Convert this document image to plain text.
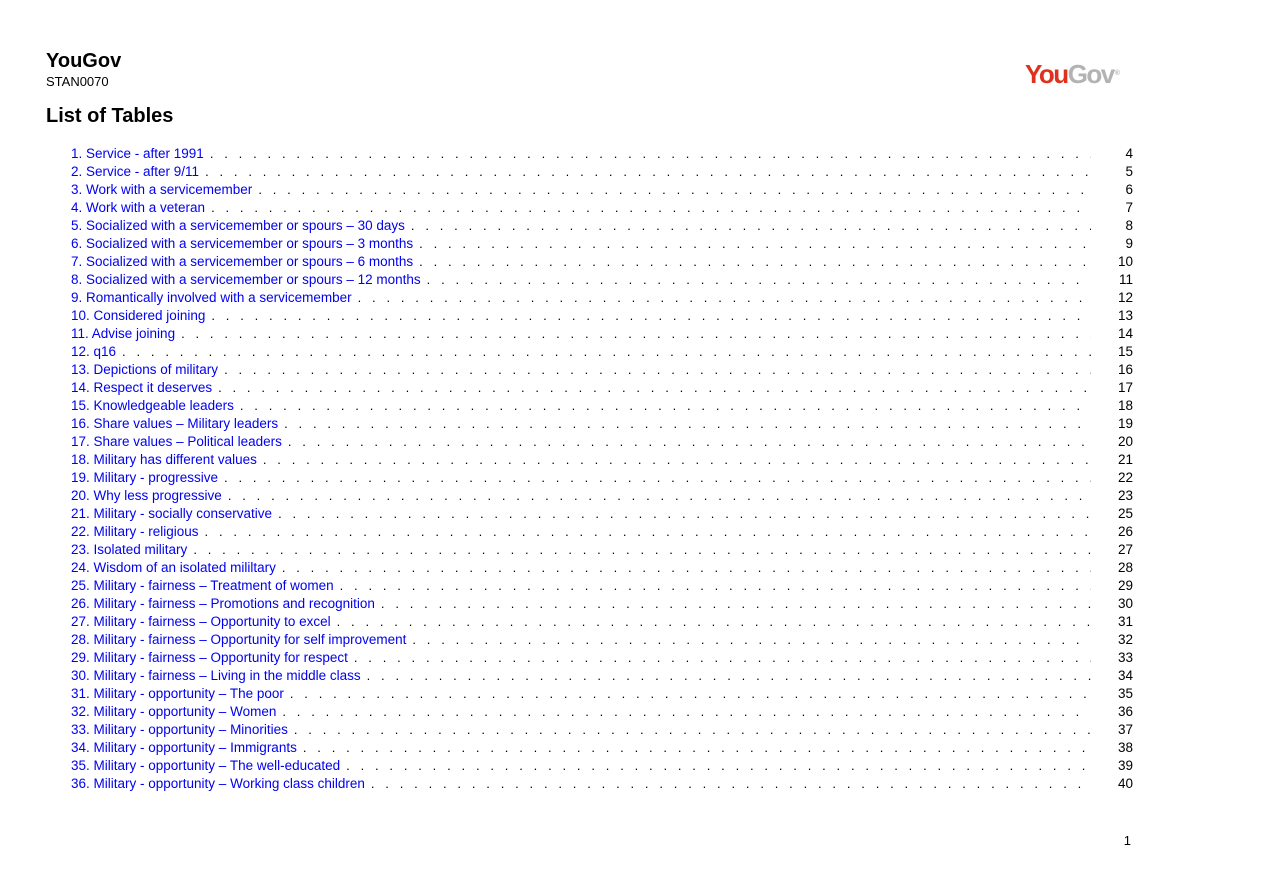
YouGov
STAN0070	YouGov®
List of Tables
1. Service - after 1991 . . .	4
2. Service - after 9/11 . . .	5
3. Work with a servicemember . . .	6
4. Work with a veteran . . .	7
5. Socialized with a servicemember or spours – 30 days . . .	8
6. Socialized with a servicemember or spours – 3 months . . .	9
7. Socialized with a servicemember or spours – 6 months . . .	10
8. Socialized with a servicemember or spours – 12 months . . .	11
9. Romantically involved with a servicemember . . .	12
10. Considered joining . . .	13
11. Advise joining . . .	14
12. q16 . . .	15
13. Depictions of military . . .	16
14. Respect it deserves . . .	17
15. Knowledgeable leaders . . .	18
16. Share values – Military leaders . . .	19
17. Share values – Political leaders . . .	20
18. Military has different values . . .	21
19. Military - progressive . . .	22
20. Why less progressive . . .	23
21. Military - socially conservative . . .	25
22. Military - religious . . .	26
23. Isolated military . . .	27
24. Wisdom of an isolated mililtary . . .	28
25. Military - fairness – Treatment of women . . .	29
26. Military - fairness – Promotions and recognition . . .	30
27. Military - fairness – Opportunity to excel . . .	31
28. Military - fairness – Opportunity for self improvement . . .	32
29. Military - fairness – Opportunity for respect . . .	33
30. Military - fairness – Living in the middle class . . .	34
31. Military - opportunity – The poor . . .	35
32. Military - opportunity – Women . . .	36
33. Military - opportunity – Minorities . . .	37
34. Military - opportunity – Immigrants . . .	38
35. Military - opportunity – The well-educated . . .	39
36. Military - opportunity – Working class children . . .	40
1
